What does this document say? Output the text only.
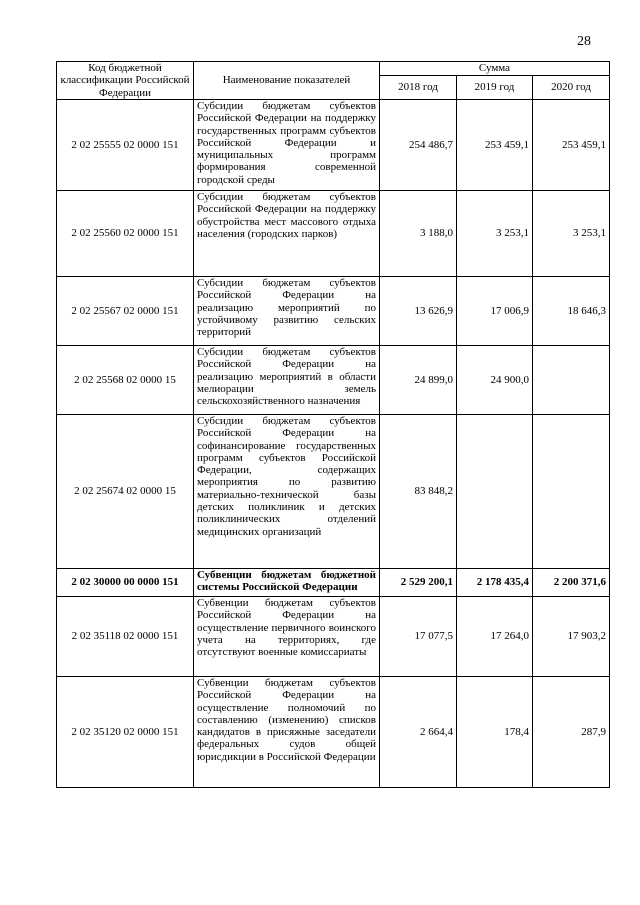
28
Код бюджетной классификации Российской Федерации	Наименование показателей	Сумма		
		2018 год	2019 год	2020 год
2 02 25555 02 0000 151	Субсидии бюджетам субъектов Российской Федерации на поддержку государственных программ субъектов Российской Федерации и муниципальных программ формирования современной городской среды	254 486,7	253 459,1	253 459,1
2 02 25560 02 0000 151	Субсидии бюджетам субъектов Российской Федерации на поддержку обустройства мест массового отдыха населения (городских парков)	3 188,0	3 253,1	3 253,1
2 02 25567 02 0000 151	Субсидии бюджетам субъектов Российской Федерации на реализацию мероприятий по устойчивому развитию сельских территорий	13 626,9	17 006,9	18 646,3
2 02 25568 02 0000 15	Субсидии бюджетам субъектов Российской Федерации на реализацию мероприятий в области мелиорации земель сельскохозяйственного назначения	24 899,0	24 900,0	
2 02 25674 02 0000 15	Субсидии бюджетам субъектов Российской Федерации на софинансирование государственных программ субъектов Российской Федерации, содержащих мероприятия по развитию материально-технической базы детских поликлиник и детских поликлинических отделений медицинских организаций	83 848,2		
2 02 30000 00 0000 151	Субвенции бюджетам бюджетной системы Российской Федерации	2 529 200,1	2 178 435,4	2 200 371,6
2 02 35118 02 0000 151	Субвенции бюджетам субъектов Российской Федерации на осуществление первичного воинского учета на территориях, где отсутствуют военные комиссариаты	17 077,5	17 264,0	17 903,2
2 02 35120 02 0000 151	Субвенции бюджетам субъектов Российской Федерации на осуществление полномочий по составлению (изменению) списков кандидатов в присяжные заседатели федеральных судов общей юрисдикции в Российской Федерации	2 664,4	178,4	287,9
